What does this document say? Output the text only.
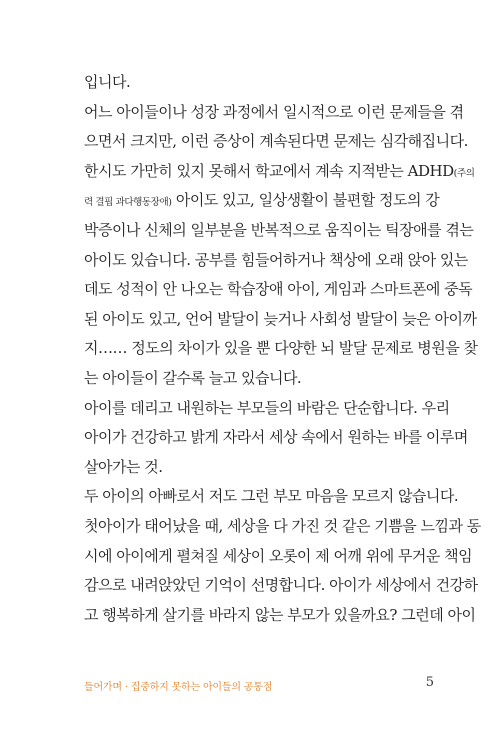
입니다.
어느 아이들이나 성장 과정에서 일시적으로 이런 문제들을 겪
으면서 크지만, 이런 증상이 계속된다면 문제는 심각해집니다.
한시도 가만히 있지 못해서 학교에서 계속 지적받는 ADHD(주의
력 결핍 과다행동장애) 아이도 있고, 일상생활이 불편할 정도의 강
박증이나 신체의 일부분을 반복적으로 움직이는 틱장애를 겪는
아이도 있습니다. 공부를 힘들어하거나 책상에 오래 앉아 있는
데도 성적이 안 나오는 학습장애 아이, 게임과 스마트폰에 중독
된 아이도 있고, 언어 발달이 늦거나 사회성 발달이 늦은 아이까
지…… 정도의 차이가 있을 뿐 다양한 뇌 발달 문제로 병원을 찾
는 아이들이 갈수록 늘고 있습니다.
아이를 데리고 내원하는 부모들의 바람은 단순합니다. 우리
아이가 건강하고 밝게 자라서 세상 속에서 원하는 바를 이루며
살아가는 것.
두 아이의 아빠로서 저도 그런 부모 마음을 모르지 않습니다.
첫아이가 태어났을 때, 세상을 다 가진 것 같은 기쁨을 느낌과 동
시에 아이에게 펼쳐질 세상이 오롯이 제 어깨 위에 무거운 책임
감으로 내려앉았던 기억이 선명합니다. 아이가 세상에서 건강하
고 행복하게 살기를 바라지 않는 부모가 있을까요? 그런데 아이
들어가며 · 집중하지 못하는 아이들의 공통점	5
